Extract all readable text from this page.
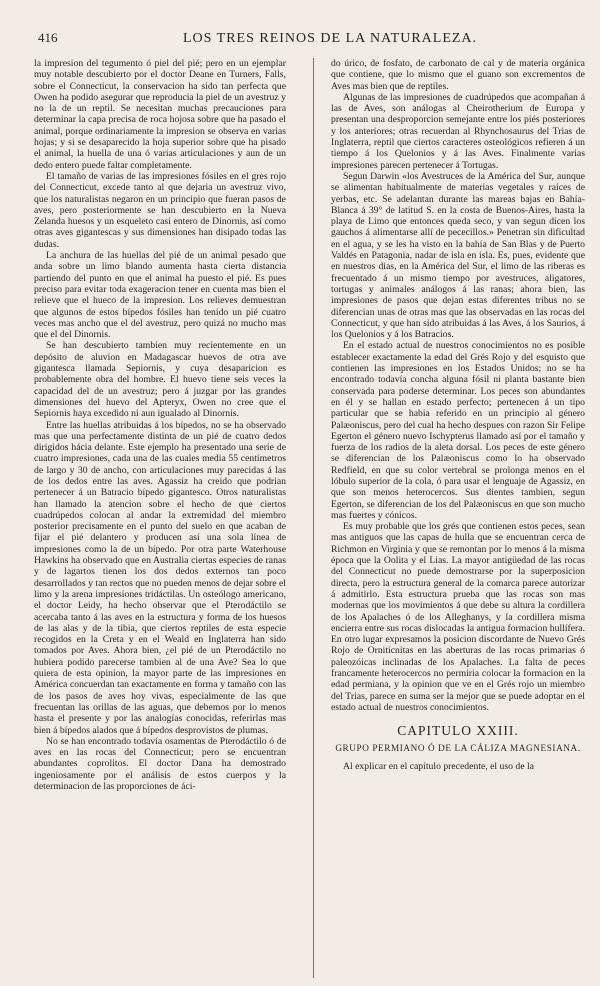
416	LOS TRES REINOS DE LA NATURALEZA.

la impresion del tegumento ó piel del pié; pero en un ejemplar muy notable descubierto por el doctor Deane en Turners, Falls, sobre el Connecticut, la conservacion ha sido tan perfecta que Owen ha podido asegurar que reproducia la piel de un avestruz y no la de un reptil. Se necesitan muchas precauciones para determinar la capa precisa de roca hojosa sobre que ha pasado el animal, porque ordinariamente la impresion se observa en varias hojas; y si se desaparecido la hoja superior sobre que ha pisado el animal, la huella de una ó varias articulaciones y aun de un dedo entero puede faltar completamente.

El tamaño de varias de las impresiones fósiles en el gres rojo del Connecticut, excede tanto al que dejaria un avestruz vivo, que los naturalistas negaron en un principio que fueran pasos de aves, pero posteriormente se han descubierto en la Nueva Zelanda huesos y un esqueleto casi entero de Dinornis, así como otras aves gigantescas y sus dimensiones han disipado todas las dudas.

La anchura de las huellas del pié de un animal pesado que anda sobre un limo blando aumenta hasta cierta distancia partiendo del punto en que el animal ha puesto el pié. Es pues preciso para evitar toda exageracion tener en cuenta mas bien el relieve que el hueco de la impresion. Los relieves demuestran que algunos de estos bípedos fósiles han tenido un pié cuatro veces mas ancho que el del avestruz, pero quizá no mucho mas que el del Dinornis.

Se han descubierto tambien muy recientemente en un depósito de aluvion en Madagascar huevos de otra ave gigantesca llamada Sepiornis, y cuya desaparicion es probablemente obra del hombre. El huevo tiene seis veces la capacidad del de un avestruz; pero á juzgar por las grandes dimensiones del huevo del Apteryx, Owen no cree que el Sepiornis haya excedido ni aun igualado al Dinornis.

Entre las huellas atribuidas á los bípedos, no se ha observado mas que una perfectamente distinta de un pié de cuatro dedos dirigidos hácia delante. Este ejemplo ha presentado una serie de cuatro impresiones, cada una de las cuales media 55 centímetros de largo y 30 de ancho, con articulaciones muy parecidas á las de los dedos entre las aves. Agassiz ha creido que podrian pertenecer á un Batracio bípedo gigantesco. Otros naturalistas han llamado la atencion sobre el hecho de que ciertos cuadrúpedos colocan al andar la extremidad del miembro posterior precisamente en el punto del suelo en que acaban de fijar el pié delantero y producen así una sola línea de impresiones como la de un bípedo. Por otra parte Waterhouse Hawkins ha observado que en Australia ciertas especies de ranas y de lagartos tienen los dos dedos externos tan poco desarrollados y tan rectos que no pueden menos de dejar sobre el limo y la arena impresiones tridáctilas. Un osteólogo americano, el doctor Leidy, ha hecho observar que el Pterodáctilo se acercaba tanto á las aves en la estructura y forma de los huesos de las alas y de la tibia, que ciertos reptiles de esta especie recogidos en la Creta y en el Weald en Inglaterra han sido tomados por Aves. Ahora bien, ¿el pié de un Pterodáctilo no hubiera podido parecerse tambien al de una Ave? Sea lo que quiera de esta opinion, la mayor parte de las impresiones en América concuerdan tan exactamente en forma y tamaño con las de los pasos de aves hoy vivas, especialmente de las que frecuentan las orillas de las aguas, que debemos por lo menos hasta el presente y por las analogías conocidas, referirlas mas bien á bípedos alados que á bípedos desprovistos de plumas.

No se han encontrado todavía osamentas de Pterodáctilo ó de aves en las rocas del Connecticut; pero se encuentran abundantes coprolitos. El doctor Dana ha demostrado ingeniosamente por el análisis de estos cuerpos y la determinacion de las proporciones de áci-

do úrico, de fosfato, de carbonato de cal y de materia orgánica que contiene, que lo mismo que el guano son excrementos de Aves mas bien que de reptiles.

Algunas de las impresiones de cuadrúpedos que acompañan á las de Aves, son análogas al Cheirotherium de Europa y presentan una desproporcion semejante entre los piés posteriores y los anteriores; otras recuerdan al Rhynchosaurus del Trias de Inglaterra, reptil que ciertos caracteres osteológicos refieren á un tiempo á los Quelonios y á las Aves. Finalmente varias impresiones parecen pertenecer á Tortugas.

Segun Darwin «los Avestruces de la América del Sur, aunque se alimentan habitualmente de materias vegetales y raices de yerbas, etc. Se adelantan durante las mareas bajas en Bahía-Blanca á 39° de latitud S. en la costa de Buenos-Aires, hasta la playa de Limo que entonces queda seco, y van segun dicen los gauchos á alimentarse allí de pececillos.» Penetran sin dificultad en el agua, y se les ha visto en la bahía de San Blas y de Puerto Valdés en Patagonia, nadar de isla en isla. Es, pues, evidente que en nuestros dias, en la América del Sur, el limo de las riberas es frecuentado á un mismo tiempo por avestruces, aligatores, tortugas y animales análogos á las ranas; ahora bien, las impresiones de pasos que dejan estas diferentes tribus no se diferencian unas de otras mas que las observadas en las rocas del Connecticut, y que han sido atribuidas á las Aves, á los Saurios, á los Quelonios y á los Batracios.

En el estado actual de nuestros conocimientos no es posible establecer exactamente la edad del Grés Rojo y del esquisto que contienen las impresiones en los Estados Unidos; no se ha encontrado todavía concha alguna fósil ni planta bastante bien conservada para poderse determinar. Los peces son abundantes en él y se hallan en estado perfecto; pertenecen á un tipo particular que se habia referido en un principio al género Palæoniscus, pero del cual ha hecho despues con razon Sir Felipe Egerton el género nuevo Ischypterus llamado así por el tamaño y fuerza de los radios de la aleta dorsal. Los peces de este género se diferencian de los Palæoniscus como lo ha observado Redfield, en que su color vertebral se prolonga menos en el lóbulo superior de la cola, ó para usar el lenguaje de Agassiz, en que son menos heterocercos. Sus dientes tambien, segun Egerton, se diferencian de los del Palæoniscus en que son mucho mas fuertes y cónicos.

Es muy probable que los grés que contienen estos peces, sean mas antiguos que las capas de hulla que se encuentran cerca de Richmon en Virginia y que se remontan por lo menos á la misma época que la Oolita y el Lias. La mayor antigüedad de las rocas del Connecticut no puede demostrarse por la superposicion directa, pero la estructura general de la comarca parece autorizar á admitirlo. Esta estructura prueba que las rocas son mas modernas que los movimientos á que debe su altura la cordillera de los Apalaches ó de los Alleghanys, y la cordillera misma encierra entre sus rocas dislocadas la antigua formacion hullífera. En otro lugar expresamos la posicion discordante de Nuevo Grés Rojo de Ornitícnitas en las aberturas de las rocas primarias ó paleozóicas inclinadas de los Apalaches. La falta de peces francamente heterocercos no permiria colocar la formacion en la edad permiana, y la opinion que ve en el Grés rojo un miembro del Trias, parece en suma ser la mejor que se puede adoptar en el estado actual de nuestros conocimientos.

CAPITULO XXIII.
GRUPO PERMIANO Ó DE LA CÁLIZA MAGNESIANA.

Al explicar en el capítulo precedente, el uso de la
